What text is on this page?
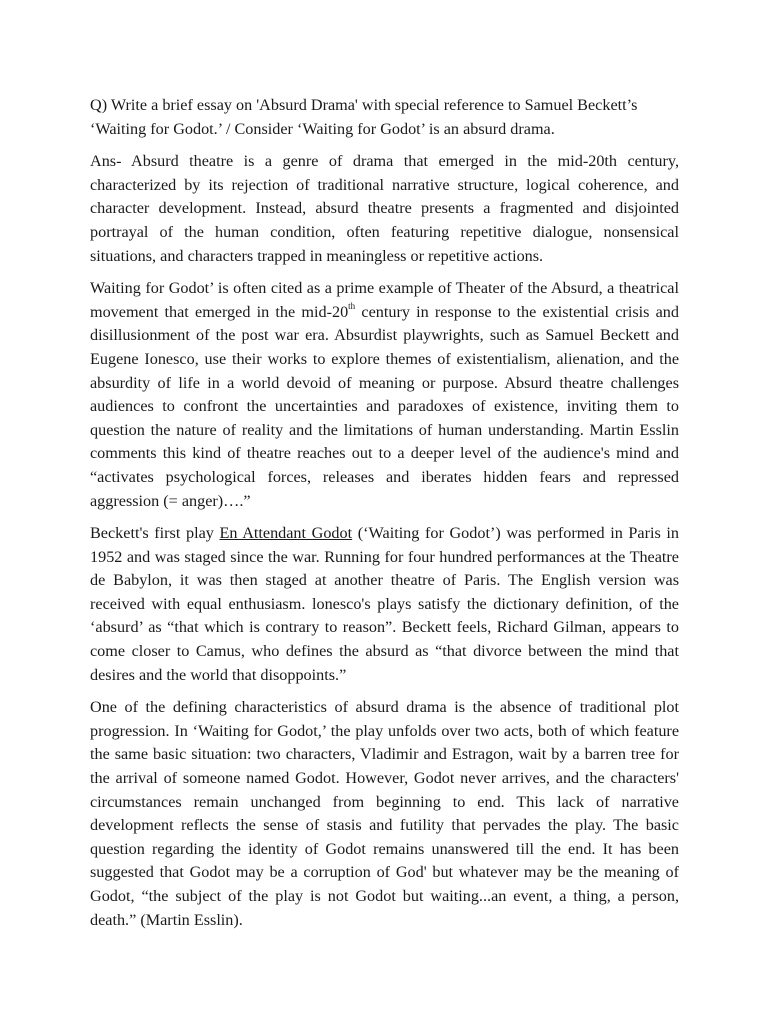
Q) Write a brief essay on 'Absurd Drama' with special reference to Samuel Beckett’s ‘Waiting for Godot.’ / Consider ‘Waiting for Godot’ is an absurd drama.

Ans- Absurd theatre is a genre of drama that emerged in the mid-20th century, characterized by its rejection of traditional narrative structure, logical coherence, and character development. Instead, absurd theatre presents a fragmented and disjointed portrayal of the human condition, often featuring repetitive dialogue, nonsensical situations, and characters trapped in meaningless or repetitive actions.

Waiting for Godot’ is often cited as a prime example of Theater of the Absurd, a theatrical movement that emerged in the mid-20th century in response to the existential crisis and disillusionment of the post war era. Absurdist playwrights, such as Samuel Beckett and Eugene Ionesco, use their works to explore themes of existentialism, alienation, and the absurdity of life in a world devoid of meaning or purpose. Absurd theatre challenges audiences to confront the uncertainties and paradoxes of existence, inviting them to question the nature of reality and the limitations of human understanding. Martin Esslin comments this kind of theatre reaches out to a deeper level of the audience's mind and “activates psychological forces, releases and iberates hidden fears and repressed aggression (= anger)….”

Beckett's first play En Attendant Godot (‘Waiting for Godot’) was performed in Paris in 1952 and was staged since the war. Running for four hundred performances at the Theatre de Babylon, it was then staged at another theatre of Paris. The English version was received with equal enthusiasm. lonesco's plays satisfy the dictionary definition, of the ‘absurd’ as “that which is contrary to reason”. Beckett feels, Richard Gilman, appears to come closer to Camus, who defines the absurd as “that divorce between the mind that desires and the world that disoppoints.”

One of the defining characteristics of absurd drama is the absence of traditional plot progression. In ‘Waiting for Godot,’ the play unfolds over two acts, both of which feature the same basic situation: two characters, Vladimir and Estragon, wait by a barren tree for the arrival of someone named Godot. However, Godot never arrives, and the characters' circumstances remain unchanged from beginning to end. This lack of narrative development reflects the sense of stasis and futility that pervades the play. The basic question regarding the identity of Godot remains unanswered till the end. It has been suggested that Godot may be a corruption of God' but whatever may be the meaning of Godot, “the subject of the play is not Godot but waiting...an event, a thing, a person, death.” (Martin Esslin).
